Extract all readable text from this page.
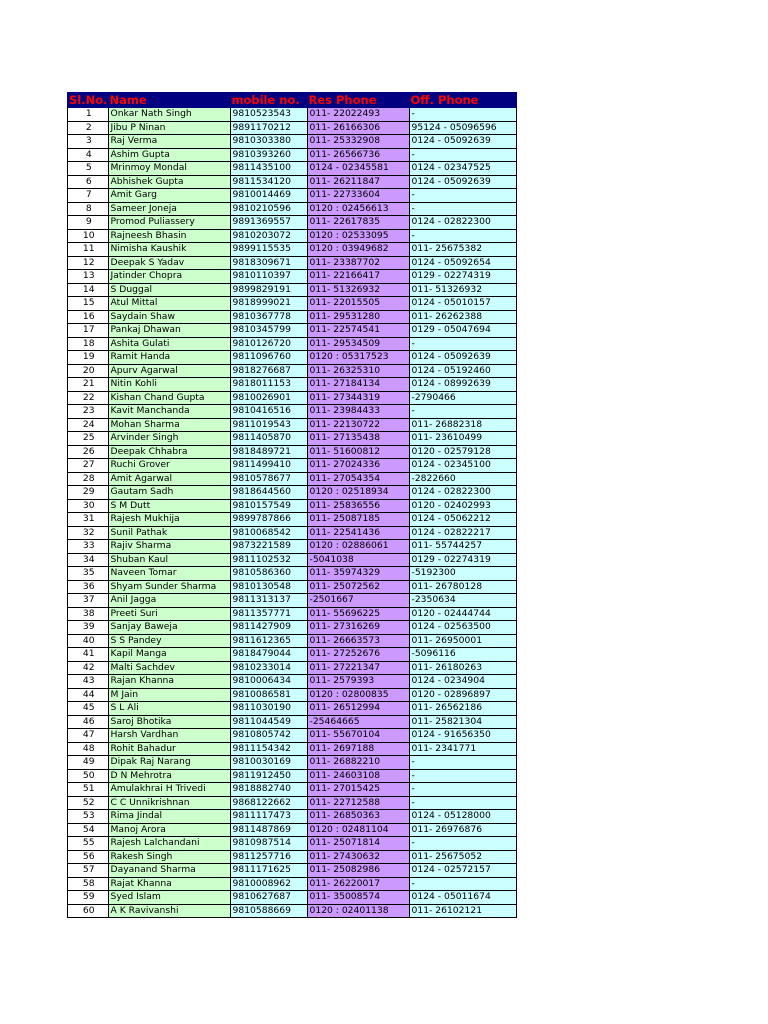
Sl.No.	Name	mobile no.	Res Phone	Off. Phone
1	Onkar Nath Singh	9810523543	011- 22022493	-
2	Jibu P Ninan	9891170212	011- 26166306	95124 - 05096596
3	Raj Verma	9810303380	011- 25332908	0124 - 05092639
4	Ashim Gupta	9810393260	011- 26566736	-
5	Mrinmoy Mondal	9811435100	0124 - 02345581	0124 - 02347525
6	Abhishek Gupta	9811534120	011- 26211847	0124 - 05092639
7	Amit Garg	9810014469	011- 22733604	-
8	Sameer Joneja	9810210596	0120 : 02456613	-
9	Promod Puliassery	9891369557	011- 22617835	0124 - 02822300
10	Rajneesh Bhasin	9810203072	0120 : 02533095	-
11	Nimisha Kaushik	9899115535	0120 : 03949682	011- 25675382
12	Deepak S Yadav	9818309671	011- 23387702	0124 - 05092654
13	Jatinder Chopra	9810110397	011- 22166417	0129 - 02274319
14	S Duggal	9899829191	011- 51326932	011- 51326932
15	Atul Mittal	9818999021	011- 22015505	0124 - 05010157
16	Saydain Shaw	9810367778	011- 29531280	011- 26262388
17	Pankaj Dhawan	9810345799	011- 22574541	0129 - 05047694
18	Ashita Gulati	9810126720	011- 29534509	-
19	Ramit Handa	9811096760	0120 : 05317523	0124 - 05092639
20	Apurv Agarwal	9818276687	011- 26325310	0124 - 05192460
21	Nitin Kohli	9818011153	011- 27184134	0124 - 08992639
22	Kishan Chand Gupta	9810026901	011- 27344319	-2790466
23	Kavit Manchanda	9810416516	011- 23984433	-
24	Mohan Sharma	9811019543	011- 22130722	011- 26882318
25	Arvinder Singh	9811405870	011- 27135438	011- 23610499
26	Deepak Chhabra	9818489721	011- 51600812	0120 - 02579128
27	Ruchi Grover	9811499410	011- 27024336	0124 - 02345100
28	Amit Agarwal	9810578677	011- 27054354	-2822660
29	Gautam Sadh	9818644560	0120 : 02518934	0124 - 02822300
30	S M Dutt	9810157549	011- 25836556	0120 - 02402993
31	Rajesh Mukhija	9899787866	011- 25087185	0124 - 05062212
32	Sunil Pathak	9810068542	011- 22541436	0124 - 02822217
33	Rajiv Sharma	9873221589	0120 : 02886061	011- 55744257
34	Shuban Kaul	9811102532	-5041038	0129 - 02274319
35	Naveen Tomar	9810586360	011- 35974329	-5192300
36	Shyam Sunder Sharma	9810130548	011- 25072562	011- 26780128
37	Anil Jagga	9811313137	-2501667	-2350634
38	Preeti Suri	9811357771	011- 55696225	0120 - 02444744
39	Sanjay Baweja	9811427909	011- 27316269	0124 - 02563500
40	S S Pandey	9811612365	011- 26663573	011- 26950001
41	Kapil Manga	9818479044	011- 27252676	-5096116
42	Malti Sachdev	9810233014	011- 27221347	011- 26180263
43	Rajan Khanna	9810006434	011- 2579393	0124 - 0234904
44	M Jain	9810086581	0120 : 02800835	0120 - 02896897
45	S L Ali	9811030190	011- 26512994	011- 26562186
46	Saroj Bhotika	9811044549	-25464665	011- 25821304
47	Harsh Vardhan	9810805742	011- 55670104	0124 - 91656350
48	Rohit Bahadur	9811154342	011- 2697188	011- 2341771
49	Dipak Raj Narang	9810030169	011- 26882210	-
50	D N Mehrotra	9811912450	011- 24603108	-
51	Amulakhrai H Trivedi	9818882740	011- 27015425	-
52	C C Unnikrishnan	9868122662	011- 22712588	-
53	Rima Jindal	9811117473	011- 26850363	0124 - 05128000
54	Manoj Arora	9811487869	0120 : 02481104	011- 26976876
55	Rajesh Lalchandani	9810987514	011- 25071814	-
56	Rakesh Singh	9811257716	011- 27430632	011- 25675052
57	Dayanand Sharma	9811171625	011- 25082986	0124 - 02572157
58	Rajat Khanna	9810008962	011- 26220017	-
59	Syed Islam	9810627687	011- 35008574	0124 - 05011674
60	A K Ravivanshi	9810588669	0120 : 02401138	011- 26102121
